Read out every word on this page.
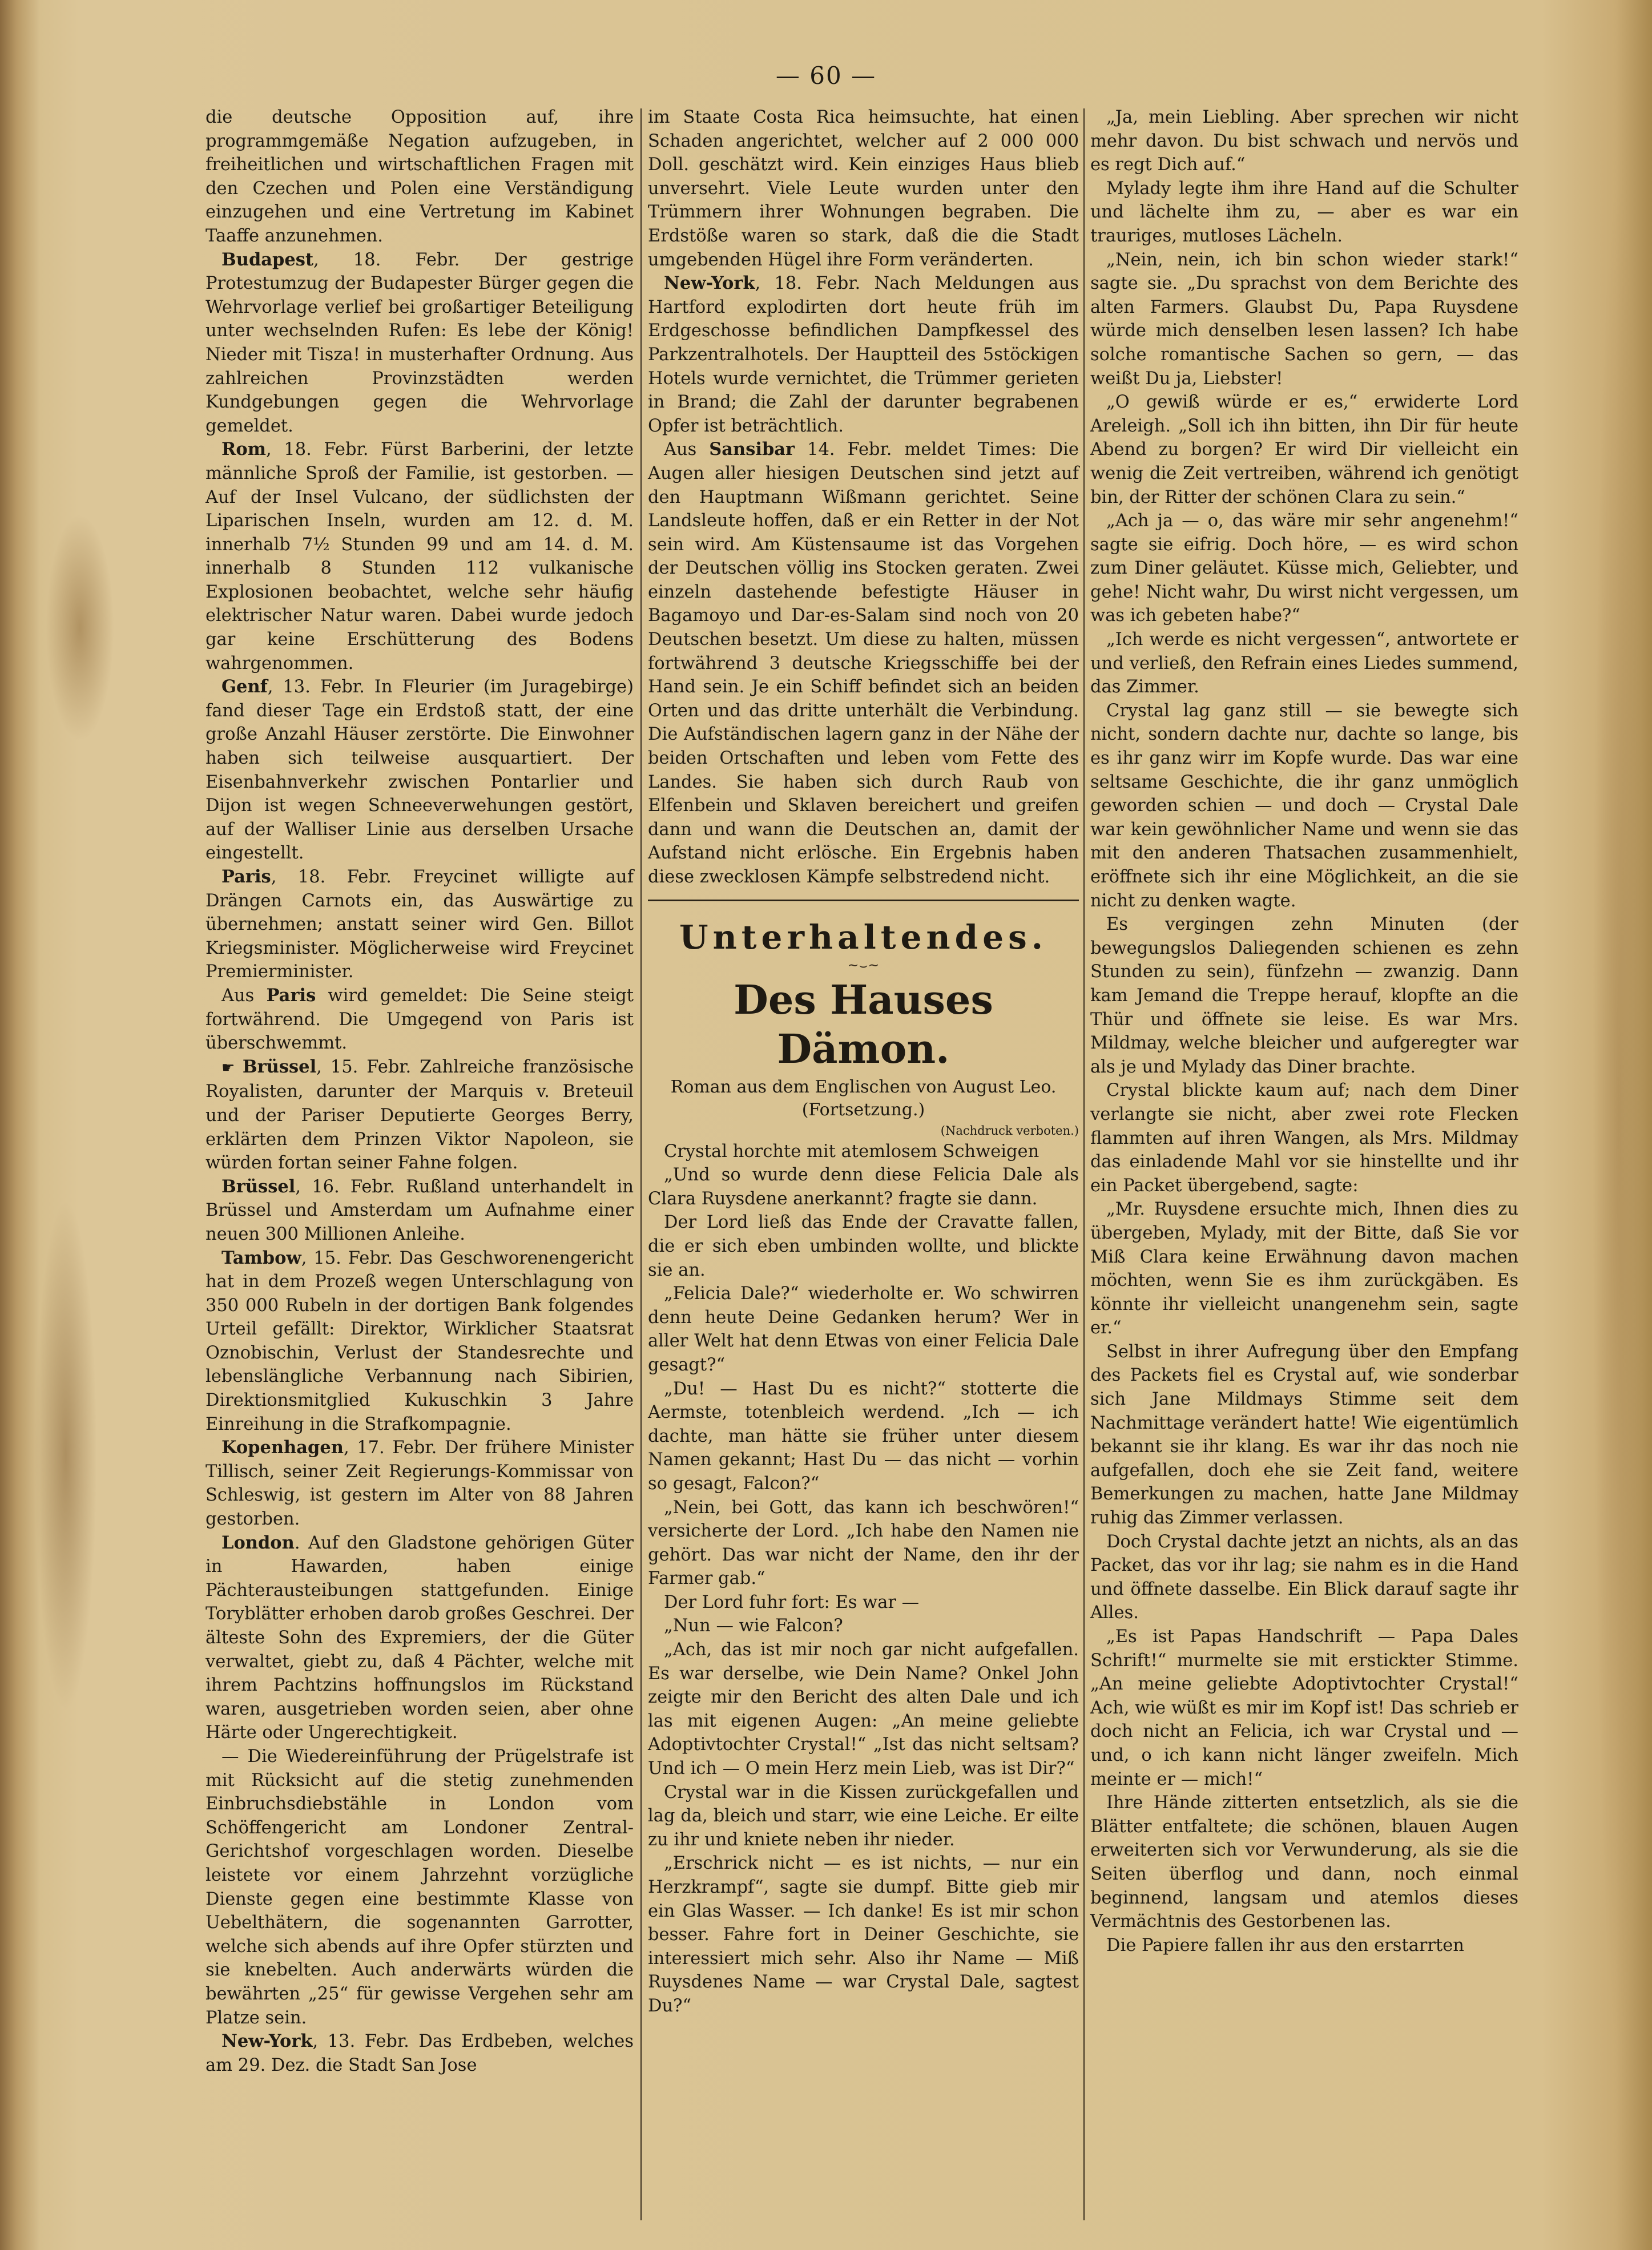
— 60 —

die deutsche Opposition auf, ihre programmgemäße Negation aufzugeben, in freiheitlichen und wirtschaftlichen Fragen mit den Czechen und Polen eine Verständigung einzugehen und eine Vertretung im Kabinet Taaffe anzunehmen.

Budapest, 18. Febr. Der gestrige Protestumzug der Budapester Bürger gegen die Wehrvorlage verlief bei großartiger Beteiligung unter wechselnden Rufen: Es lebe der König! Nieder mit Tisza! in musterhafter Ordnung. Aus zahlreichen Provinzstädten werden Kundgebungen gegen die Wehrvorlage gemeldet.

Rom, 18. Febr. Fürst Barberini, der letzte männliche Sproß der Familie, ist gestorben. — Auf der Insel Vulcano, der südlichsten der Liparischen Inseln, wurden am 12. d. M. innerhalb 7½ Stunden 99 und am 14. d. M. innerhalb 8 Stunden 112 vulkanische Explosionen beobachtet, welche sehr häufig elektrischer Natur waren. Dabei wurde jedoch gar keine Erschütterung des Bodens wahrgenommen.

Genf, 13. Febr. In Fleurier (im Juragebirge) fand dieser Tage ein Erdstoß statt, der eine große Anzahl Häuser zerstörte. Die Einwohner haben sich teilweise ausquartiert. Der Eisenbahnverkehr zwischen Pontarlier und Dijon ist wegen Schneeverwehungen gestört, auf der Walliser Linie aus derselben Ursache eingestellt.

Paris, 18. Febr. Freycinet willigte auf Drängen Carnots ein, das Auswärtige zu übernehmen; anstatt seiner wird Gen. Billot Kriegsminister. Möglicherweise wird Freycinet Premierminister.

Aus Paris wird gemeldet: Die Seine steigt fortwährend. Die Umgegend von Paris ist überschwemmt.

☛ Brüssel, 15. Febr. Zahlreiche französische Royalisten, darunter der Marquis v. Breteuil und der Pariser Deputierte Georges Berry, erklärten dem Prinzen Viktor Napoleon, sie würden fortan seiner Fahne folgen.

Brüssel, 16. Febr. Rußland unterhandelt in Brüssel und Amsterdam um Aufnahme einer neuen 300 Millionen Anleihe.

Tambow, 15. Febr. Das Geschworenengericht hat in dem Prozeß wegen Unterschlagung von 350 000 Rubeln in der dortigen Bank folgendes Urteil gefällt: Direktor, Wirklicher Staatsrat Oznobischin, Verlust der Standesrechte und lebenslängliche Verbannung nach Sibirien, Direktionsmitglied Kukuschkin 3 Jahre Einreihung in die Strafkompagnie.

Kopenhagen, 17. Febr. Der frühere Minister Tillisch, seiner Zeit Regierungs-Kommissar von Schleswig, ist gestern im Alter von 88 Jahren gestorben.

London. Auf den Gladstone gehörigen Güter in Hawarden, haben einige Pächterausteibungen stattgefunden. Einige Toryblätter erhoben darob großes Geschrei. Der älteste Sohn des Expremiers, der die Güter verwaltet, giebt zu, daß 4 Pächter, welche mit ihrem Pachtzins hoffnungslos im Rückstand waren, ausgetrieben worden seien, aber ohne Härte oder Ungerechtigkeit.

— Die Wiedereinführung der Prügelstrafe ist mit Rücksicht auf die stetig zunehmenden Einbruchsdiebstähle in London vom Schöffengericht am Londoner Zentral-Gerichtshof vorgeschlagen worden. Dieselbe leistete vor einem Jahrzehnt vorzügliche Dienste gegen eine bestimmte Klasse von Uebelthätern, die sogenannten Garrotter, welche sich abends auf ihre Opfer stürzten und sie knebelten. Auch anderwärts würden die bewährten „25“ für gewisse Vergehen sehr am Platze sein.

New-York, 13. Febr. Das Erdbeben, welches am 29. Dez. die Stadt San Jose

im Staate Costa Rica heimsuchte, hat einen Schaden angerichtet, welcher auf 2 000 000 Doll. geschätzt wird. Kein einziges Haus blieb unversehrt. Viele Leute wurden unter den Trümmern ihrer Wohnungen begraben. Die Erdstöße waren so stark, daß die die Stadt umgebenden Hügel ihre Form veränderten.

New-York, 18. Febr. Nach Meldungen aus Hartford explodirten dort heute früh im Erdgeschosse befindlichen Dampfkessel des Parkzentralhotels. Der Hauptteil des 5stöckigen Hotels wurde vernichtet, die Trümmer gerieten in Brand; die Zahl der darunter begrabenen Opfer ist beträchtlich.

Aus Sansibar 14. Febr. meldet Times: Die Augen aller hiesigen Deutschen sind jetzt auf den Hauptmann Wißmann gerichtet. Seine Landsleute hoffen, daß er ein Retter in der Not sein wird. Am Küstensaume ist das Vorgehen der Deutschen völlig ins Stocken geraten. Zwei einzeln dastehende befestigte Häuser in Bagamoyo und Dar-es-Salam sind noch von 20 Deutschen besetzt. Um diese zu halten, müssen fortwährend 3 deutsche Kriegsschiffe bei der Hand sein. Je ein Schiff befindet sich an beiden Orten und das dritte unterhält die Verbindung. Die Aufständischen lagern ganz in der Nähe der beiden Ortschaften und leben vom Fette des Landes. Sie haben sich durch Raub von Elfenbein und Sklaven bereichert und greifen dann und wann die Deutschen an, damit der Aufstand nicht erlösche. Ein Ergebnis haben diese zwecklosen Kämpfe selbstredend nicht.

Unterhaltendes.
~⌣~
Des Hauses Dämon.
Roman aus dem Englischen von August Leo.
(Fortsetzung.)
(Nachdruck verboten.)

Crystal horchte mit atemlosem Schweigen

„Und so wurde denn diese Felicia Dale als Clara Ruysdene anerkannt? fragte sie dann.

Der Lord ließ das Ende der Cravatte fallen, die er sich eben umbinden wollte, und blickte sie an.

„Felicia Dale?“ wiederholte er. Wo schwirren denn heute Deine Gedanken herum? Wer in aller Welt hat denn Etwas von einer Felicia Dale gesagt?“

„Du! — Hast Du es nicht?“ stotterte die Aermste, totenbleich werdend. „Ich — ich dachte, man hätte sie früher unter diesem Namen gekannt; Hast Du — das nicht — vorhin so gesagt, Falcon?“

„Nein, bei Gott, das kann ich beschwören!“ versicherte der Lord. „Ich habe den Namen nie gehört. Das war nicht der Name, den ihr der Farmer gab.“

Der Lord fuhr fort: Es war —

„Nun — wie Falcon?

„Ach, das ist mir noch gar nicht aufgefallen. Es war derselbe, wie Dein Name? Onkel John zeigte mir den Bericht des alten Dale und ich las mit eigenen Augen: „An meine geliebte Adoptivtochter Crystal!“ „Ist das nicht seltsam? Und ich — O mein Herz mein Lieb, was ist Dir?“

Crystal war in die Kissen zurückgefallen und lag da, bleich und starr, wie eine Leiche. Er eilte zu ihr und kniete neben ihr nieder.

„Erschrick nicht — es ist nichts, — nur ein Herzkrampf“, sagte sie dumpf. Bitte gieb mir ein Glas Wasser. — Ich danke! Es ist mir schon besser. Fahre fort in Deiner Geschichte, sie interessiert mich sehr. Also ihr Name — Miß Ruysdenes Name — war Crystal Dale, sagtest Du?“

„Ja, mein Liebling. Aber sprechen wir nicht mehr davon. Du bist schwach und nervös und es regt Dich auf.“

Mylady legte ihm ihre Hand auf die Schulter und lächelte ihm zu, — aber es war ein trauriges, mutloses Lächeln.

„Nein, nein, ich bin schon wieder stark!“ sagte sie. „Du sprachst von dem Berichte des alten Farmers. Glaubst Du, Papa Ruysdene würde mich denselben lesen lassen? Ich habe solche romantische Sachen so gern, — das weißt Du ja, Liebster!

„O gewiß würde er es,“ erwiderte Lord Areleigh. „Soll ich ihn bitten, ihn Dir für heute Abend zu borgen? Er wird Dir vielleicht ein wenig die Zeit vertreiben, während ich genötigt bin, der Ritter der schönen Clara zu sein.“

„Ach ja — o, das wäre mir sehr angenehm!“ sagte sie eifrig. Doch höre, — es wird schon zum Diner geläutet. Küsse mich, Geliebter, und gehe! Nicht wahr, Du wirst nicht vergessen, um was ich gebeten habe?“

„Ich werde es nicht vergessen“, antwortete er und verließ, den Refrain eines Liedes summend, das Zimmer.

Crystal lag ganz still — sie bewegte sich nicht, sondern dachte nur, dachte so lange, bis es ihr ganz wirr im Kopfe wurde. Das war eine seltsame Geschichte, die ihr ganz unmöglich geworden schien — und doch — Crystal Dale war kein gewöhnlicher Name und wenn sie das mit den anderen Thatsachen zusammenhielt, eröffnete sich ihr eine Möglichkeit, an die sie nicht zu denken wagte.

Es vergingen zehn Minuten (der bewegungslos Daliegenden schienen es zehn Stunden zu sein), fünfzehn — zwanzig. Dann kam Jemand die Treppe herauf, klopfte an die Thür und öffnete sie leise. Es war Mrs. Mildmay, welche bleicher und aufgeregter war als je und Mylady das Diner brachte.

Crystal blickte kaum auf; nach dem Diner verlangte sie nicht, aber zwei rote Flecken flammten auf ihren Wangen, als Mrs. Mildmay das einladende Mahl vor sie hinstellte und ihr ein Packet übergebend, sagte:

„Mr. Ruysdene ersuchte mich, Ihnen dies zu übergeben, Mylady, mit der Bitte, daß Sie vor Miß Clara keine Erwähnung davon machen möchten, wenn Sie es ihm zurückgäben. Es könnte ihr vielleicht unangenehm sein, sagte er.“

Selbst in ihrer Aufregung über den Empfang des Packets fiel es Crystal auf, wie sonderbar sich Jane Mildmays Stimme seit dem Nachmittage verändert hatte! Wie eigentümlich bekannt sie ihr klang. Es war ihr das noch nie aufgefallen, doch ehe sie Zeit fand, weitere Bemerkungen zu machen, hatte Jane Mildmay ruhig das Zimmer verlassen.

Doch Crystal dachte jetzt an nichts, als an das Packet, das vor ihr lag; sie nahm es in die Hand und öffnete dasselbe. Ein Blick darauf sagte ihr Alles.

„Es ist Papas Handschrift — Papa Dales Schrift!“ murmelte sie mit erstickter Stimme. „An meine geliebte Adoptivtochter Crystal!“ Ach, wie wüßt es mir im Kopf ist! Das schrieb er doch nicht an Felicia, ich war Crystal und — und, o ich kann nicht länger zweifeln. Mich meinte er — mich!“

Ihre Hände zitterten entsetzlich, als sie die Blätter entfaltete; die schönen, blauen Augen erweiterten sich vor Verwunderung, als sie die Seiten überflog und dann, noch einmal beginnend, langsam und atemlos dieses Vermächtnis des Gestorbenen las.

Die Papiere fallen ihr aus den erstarrten
